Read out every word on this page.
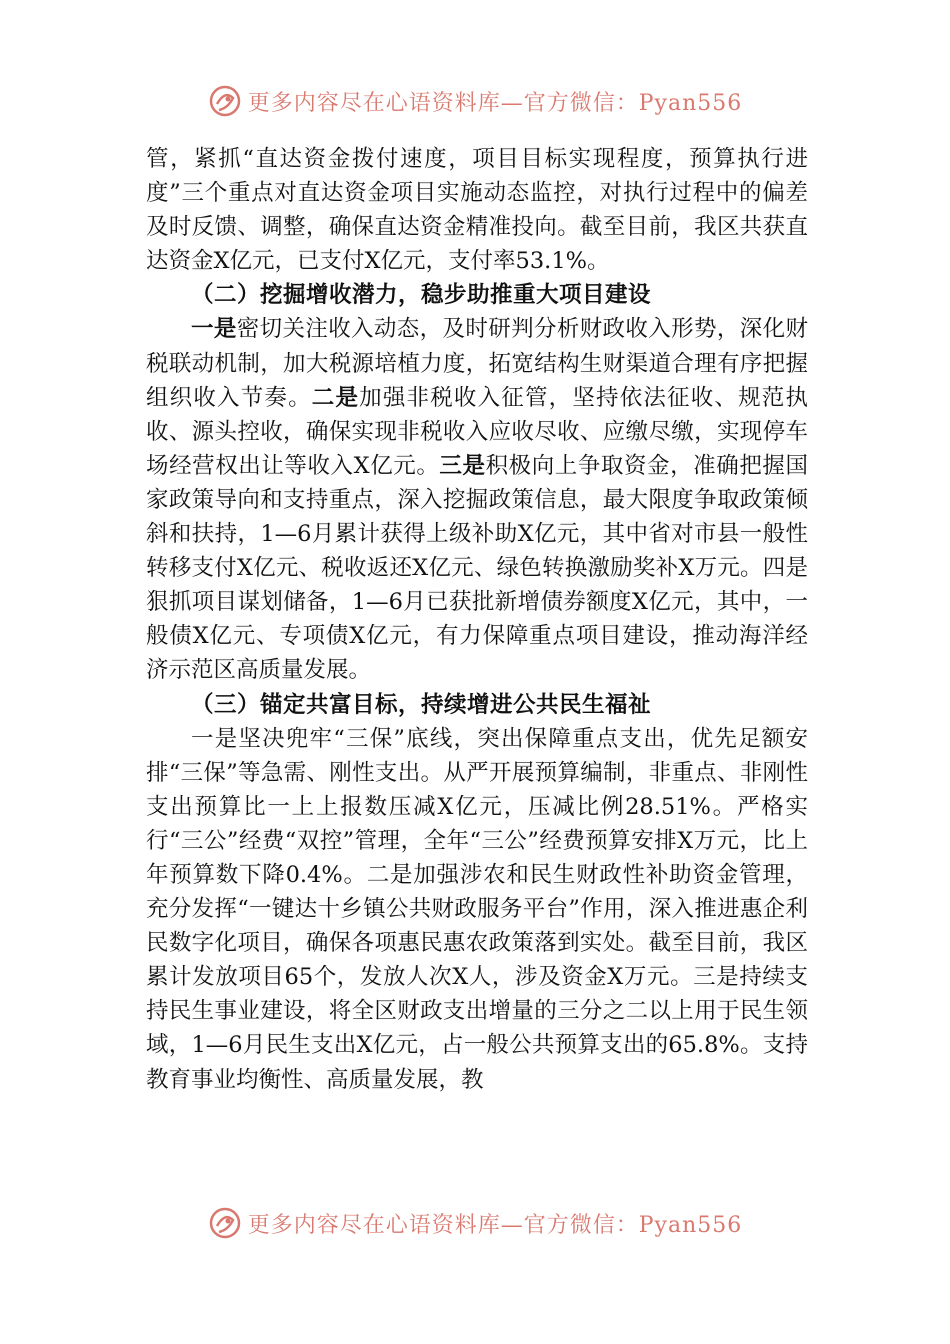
更多内容尽在心语资料库—官方微信：Pyan556

管，紧抓“直达资金拨付速度，项目目标实现程度，预算执行进度”三个重点对直达资金项目实施动态监控，对执行过程中的偏差及时反馈、调整，确保直达资金精准投向。截至目前，我区共获直达资金X亿元，已支付X亿元，支付率53.1%。

（二）挖掘增收潜力，稳步助推重大项目建设

一是密切关注收入动态，及时研判分析财政收入形势，深化财税联动机制，加大税源培植力度，拓宽结构生财渠道合理有序把握组织收入节奏。二是加强非税收入征管，坚持依法征收、规范执收、源头控收，确保实现非税收入应收尽收、应缴尽缴，实现停车场经营权出让等收入X亿元。三是积极向上争取资金，准确把握国家政策导向和支持重点，深入挖掘政策信息，最大限度争取政策倾斜和扶持，1—6月累计获得上级补助X亿元，其中省对市县一般性转移支付X亿元、税收返还X亿元、绿色转换激励奖补X万元。四是狠抓项目谋划储备，1—6月已获批新增债券额度X亿元，其中，一般债X亿元、专项债X亿元，有力保障重点项目建设，推动海洋经济示范区高质量发展。

（三）锚定共富目标，持续增进公共民生福祉

一是坚决兜牢“三保”底线，突出保障重点支出，优先足额安排“三保”等急需、刚性支出。从严开展预算编制，非重点、非刚性支出预算比一上上报数压减X亿元，压减比例28.51%。严格实行“三公”经费“双控”管理，全年“三公”经费预算安排X万元，比上年预算数下降0.4%。二是加强涉农和民生财政性补助资金管理，充分发挥“一键达十乡镇公共财政服务平台”作用，深入推进惠企利民数字化项目，确保各项惠民惠农政策落到实处。截至目前，我区累计发放项目65个，发放人次X人，涉及资金X万元。三是持续支持民生事业建设，将全区财政支出增量的三分之二以上用于民生领域，1—6月民生支出X亿元，占一般公共预算支出的65.8%。支持教育事业均衡性、高质量发展，教

更多内容尽在心语资料库—官方微信：Pyan556
